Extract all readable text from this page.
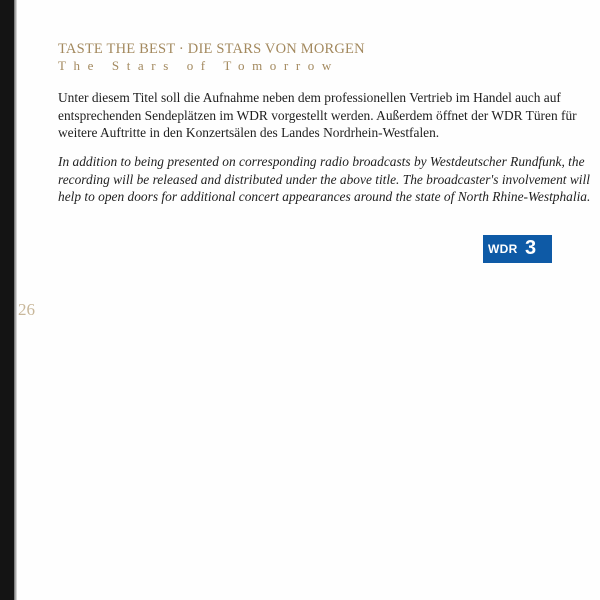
TASTE THE BEST · DIE STARS VON MORGEN
The Stars of Tomorrow

Unter diesem Titel soll die Aufnahme neben dem professionellen Vertrieb im Handel auch auf
entsprechenden Sendeplätzen im WDR vorgestellt werden. Außerdem öffnet der WDR Türen für
weitere Auftritte in den Konzertsälen des Landes Nordrhein-Westfalen.

In addition to being presented on corresponding radio broadcasts by Westdeutscher Rundfunk, the
recording will be released and distributed under the above title. The broadcaster's involvement will
help to open doors for additional concert appearances around the state of North Rhine-Westphalia.

WDR 3
26
